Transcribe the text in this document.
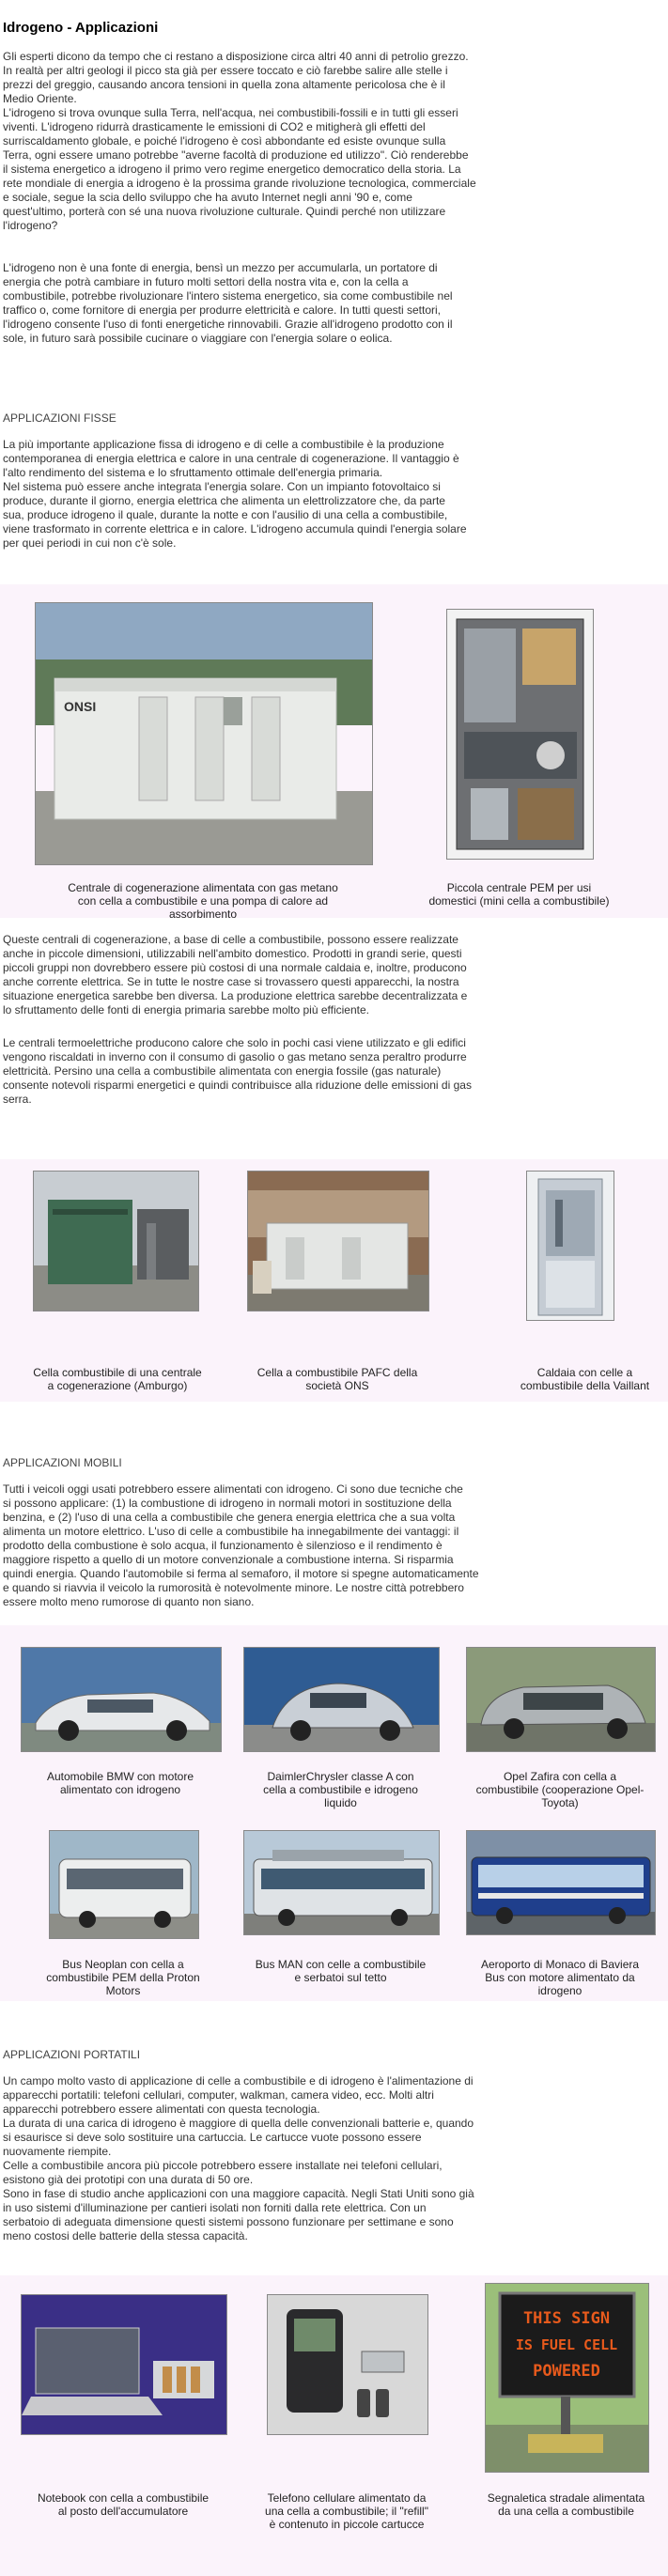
Idrogeno - Applicazioni

Gli esperti dicono da tempo che ci restano a disposizione circa altri 40 anni di petrolio grezzo.
In realtà per altri geologi il picco sta già per essere toccato e ciò farebbe salire alle stelle i
prezzi del greggio, causando ancora tensioni in quella zona altamente pericolosa che è il
Medio Oriente.
L'idrogeno si trova ovunque sulla Terra, nell'acqua, nei combustibili-fossili e in tutti gli esseri
viventi. L'idrogeno ridurrà drasticamente le emissioni di CO2 e mitigherà gli effetti del
surriscaldamento globale, e poiché l'idrogeno è così abbondante ed esiste ovunque sulla
Terra, ogni essere umano potrebbe "averne facoltà di produzione ed utilizzo". Ciò renderebbe
il sistema energetico a idrogeno il primo vero regime energetico democratico della storia. La
rete mondiale di energia a idrogeno è la prossima grande rivoluzione tecnologica, commerciale
e sociale, segue la scia dello sviluppo che ha avuto Internet negli anni '90 e, come
quest'ultimo, porterà con sé una nuova rivoluzione culturale. Quindi perché non utilizzare
l'idrogeno?

L'idrogeno non è una fonte di energia, bensì un mezzo per accumularla, un portatore di
energia che potrà cambiare in futuro molti settori della nostra vita e, con la cella a
combustibile, potrebbe rivoluzionare l'intero sistema energetico, sia come combustibile nel
traffico o, come fornitore di energia per produrre elettricità e calore. In tutti questi settori,
l'idrogeno consente l'uso di fonti energetiche rinnovabili. Grazie all'idrogeno prodotto con il
sole, in futuro sarà possibile cucinare o viaggiare con l'energia solare o eolica.

APPLICAZIONI FISSE

La più importante applicazione fissa di idrogeno e di celle a combustibile è la produzione
contemporanea di energia elettrica e calore in una centrale di cogenerazione. Il vantaggio è
l'alto rendimento del sistema e lo sfruttamento ottimale dell'energia primaria.
Nel sistema può essere anche integrata l'energia solare. Con un impianto fotovoltaico si
produce, durante il giorno, energia elettrica che alimenta un elettrolizzatore che, da parte
sua, produce idrogeno il quale, durante la notte e con l'ausilio di una cella a combustibile,
viene trasformato in corrente elettrica e in calore. L'idrogeno accumula quindi l'energia solare
per quei periodi in cui non c'è sole.

ONSI

Centrale di cogenerazione alimentata con gas metano
con cella a combustibile e una pompa di calore ad
assorbimento

Piccola centrale PEM per usi
domestici (mini cella a combustibile)

Queste centrali di cogenerazione, a base di celle a combustibile, possono essere realizzate
anche in piccole dimensioni, utilizzabili nell'ambito domestico. Prodotti in grandi serie, questi
piccoli gruppi non dovrebbero essere più costosi di una normale caldaia e, inoltre, producono
anche corrente elettrica. Se in tutte le nostre case si trovassero questi apparecchi, la nostra
situazione energetica sarebbe ben diversa. La produzione elettrica sarebbe decentralizzata e
lo sfruttamento delle fonti di energia primaria sarebbe molto più efficiente.

Le centrali termoelettriche producono calore che solo in pochi casi viene utilizzato e gli edifici
vengono riscaldati in inverno con il consumo di gasolio o gas metano senza peraltro produrre
elettricità. Persino una cella a combustibile alimentata con energia fossile (gas naturale)
consente notevoli risparmi energetici e quindi contribuisce alla riduzione delle emissioni di gas
serra.

Cella combustibile di una centrale
a cogenerazione (Amburgo)

Cella a combustibile PAFC della
società ONS

Caldaia con celle a
combustibile della Vaillant

APPLICAZIONI MOBILI

Tutti i veicoli oggi usati potrebbero essere alimentati con idrogeno. Ci sono due tecniche che
si possono applicare: (1) la combustione di idrogeno in normali motori in sostituzione della
benzina, e (2) l'uso di una cella a combustibile che genera energia elettrica che a sua volta
alimenta un motore elettrico. L'uso di celle a combustibile ha innegabilmente dei vantaggi: il
prodotto della combustione è solo acqua, il funzionamento è silenzioso e il rendimento è
maggiore rispetto a quello di un motore convenzionale a combustione interna. Si risparmia
quindi energia. Quando l'automobile si ferma al semaforo, il motore si spegne automaticamente
e quando si riavvia il veicolo la rumorosità è notevolmente minore. Le nostre città potrebbero
essere molto meno rumorose di quanto non siano.

Automobile BMW con motore
alimentato con idrogeno

DaimlerChrysler classe A con
cella a combustibile e idrogeno
liquido

Opel Zafira con cella a
combustibile (cooperazione Opel-
Toyota)

Bus Neoplan con cella a
combustibile PEM della Proton
Motors

Bus MAN con celle a combustibile
e serbatoi sul tetto

Aeroporto di Monaco di Baviera
Bus con motore alimentato da
idrogeno

APPLICAZIONI PORTATILI

Un campo molto vasto di applicazione di celle a combustibile e di idrogeno è l'alimentazione di
apparecchi portatili: telefoni cellulari, computer, walkman, camera video, ecc. Molti altri
apparecchi potrebbero essere alimentati con questa tecnologia.
La durata di una carica di idrogeno è maggiore di quella delle convenzionali batterie e, quando
si esaurisce si deve solo sostituire una cartuccia. Le cartucce vuote possono essere
nuovamente riempite.
Celle a combustibile ancora più piccole potrebbero essere installate nei telefoni cellulari,
esistono già dei prototipi con una durata di 50 ore.
Sono in fase di studio anche applicazioni con una maggiore capacità. Negli Stati Uniti sono già
in uso sistemi d'illuminazione per cantieri isolati non forniti dalla rete elettrica. Con un
serbatoio di adeguata dimensione questi sistemi possono funzionare per settimane e sono
meno costosi delle batterie della stessa capacità.

Notebook con cella a combustibile
al posto dell'accumulatore

Telefono cellulare alimentato da
una cella a combustibile; il "refill"
è contenuto in piccole cartucce

THIS SIGN
IS FUEL CELL
POWERED

Segnaletica stradale alimentata
da una cella a combustibile
